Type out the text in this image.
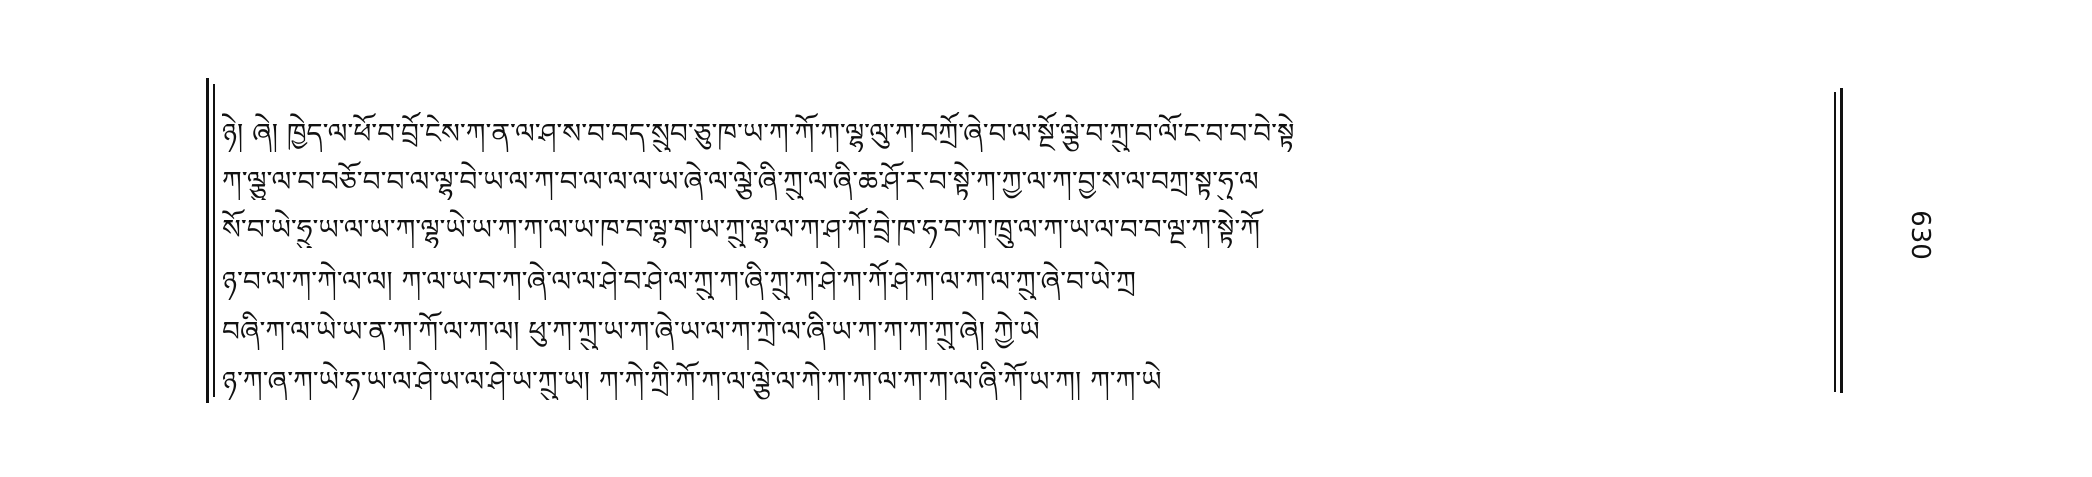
ཉེ། ཞེ། ཁྱེད་ལ་ཕོ་བ་བྲོ་ངེས་ཀ་ན་ལ་ཤ་ས་བ་བད་སྲུབ་ཅུ་ཁ་ཡ་ཀ་ཀོ་ཀ་ལྷ་ལུ་ཀ་བཀྲོ་ཞེ་བ་ལ་སྔོ་ལྕེ་བ་ཀྲུ་བ་ལོ་ང་བ་བ་བེ་སྟེ
ཀ་ལྕུ་ལ་བ་བཅོ་བ་བ་ལ་ལྷ་བེ་ཡ་ལ་ཀ་བ་ལ་ལ་ལ་ཡ་ཞེ་ལ་ལྕེ་ཞི་ཀྲུ་ལ་ཞི་ཆ་ཤོ་ར་བ་སྟེ་ཀ་ཀྱ་ལ་ཀ་བྱ་ས་ལ་བཀྲ་སྟ་ཧུ་ལ
སོ་བ་ཡེ་ཧྲུ་ཡ་ལ་ཡ་ཀ་ལྷ་ཡེ་ཡ་ཀ་ཀ་ལ་ཡ་ཁ་བ་ལྷ་ག་ཡ་ཀྲུ་ལྷ་ལ་ཀ་ཤ་ཀོ་བྲེ་ཁ་ཧ་བ་ཀ་ཁྲུ་ལ་ཀ་ཡ་ལ་བ་བ་ལྔ་ཀ་སྟེ་ཀོ
ཉ་བ་ལ་ཀ་ཀེ་ལ་ལ། ཀ་ལ་ཡ་བ་ཀ་ཞེ་ལ་ལ་ཤེ་བ་ཤེ་ལ་ཀྲུ་ཀ་ཞི་ཀྲུ་ཀ་ཤེ་ཀ་ཀོ་ཤེ་ཀ་ལ་ཀ་ལ་ཀྲུ་ཞེ་བ་ཡེ་ཀྲ
བཞི་ཀ་ལ་ཡེ་ཡ་ན་ཀ་ཀོ་ལ་ཀ་ལ། ཕུ་ཀ་ཀྲུ་ཡ་ཀ་ཞེ་ཡ་ལ་ཀ་ཀྲེ་ལ་ཞི་ཡ་ཀ་ཀ་ཀ་ཀྲུ་ཞེ། ཀྱེ་ཡེ
ཉ་ཀ་ཞ་ཀ་ཡེ་ཧ་ཡ་ལ་ཤེ་ཡ་ལ་ཤེ་ཡ་ཀྲུ་ཡ། ཀ་ཀེ་ཀྲི་ཀོ་ཀ་ལ་ལྕེ་ལ་ཀེ་ཀ་ཀ་ལ་ཀ་ཀ་ལ་ཞི་ཀོ་ཡ་ཀ། ཀ་ཀ་ཡེ
630
